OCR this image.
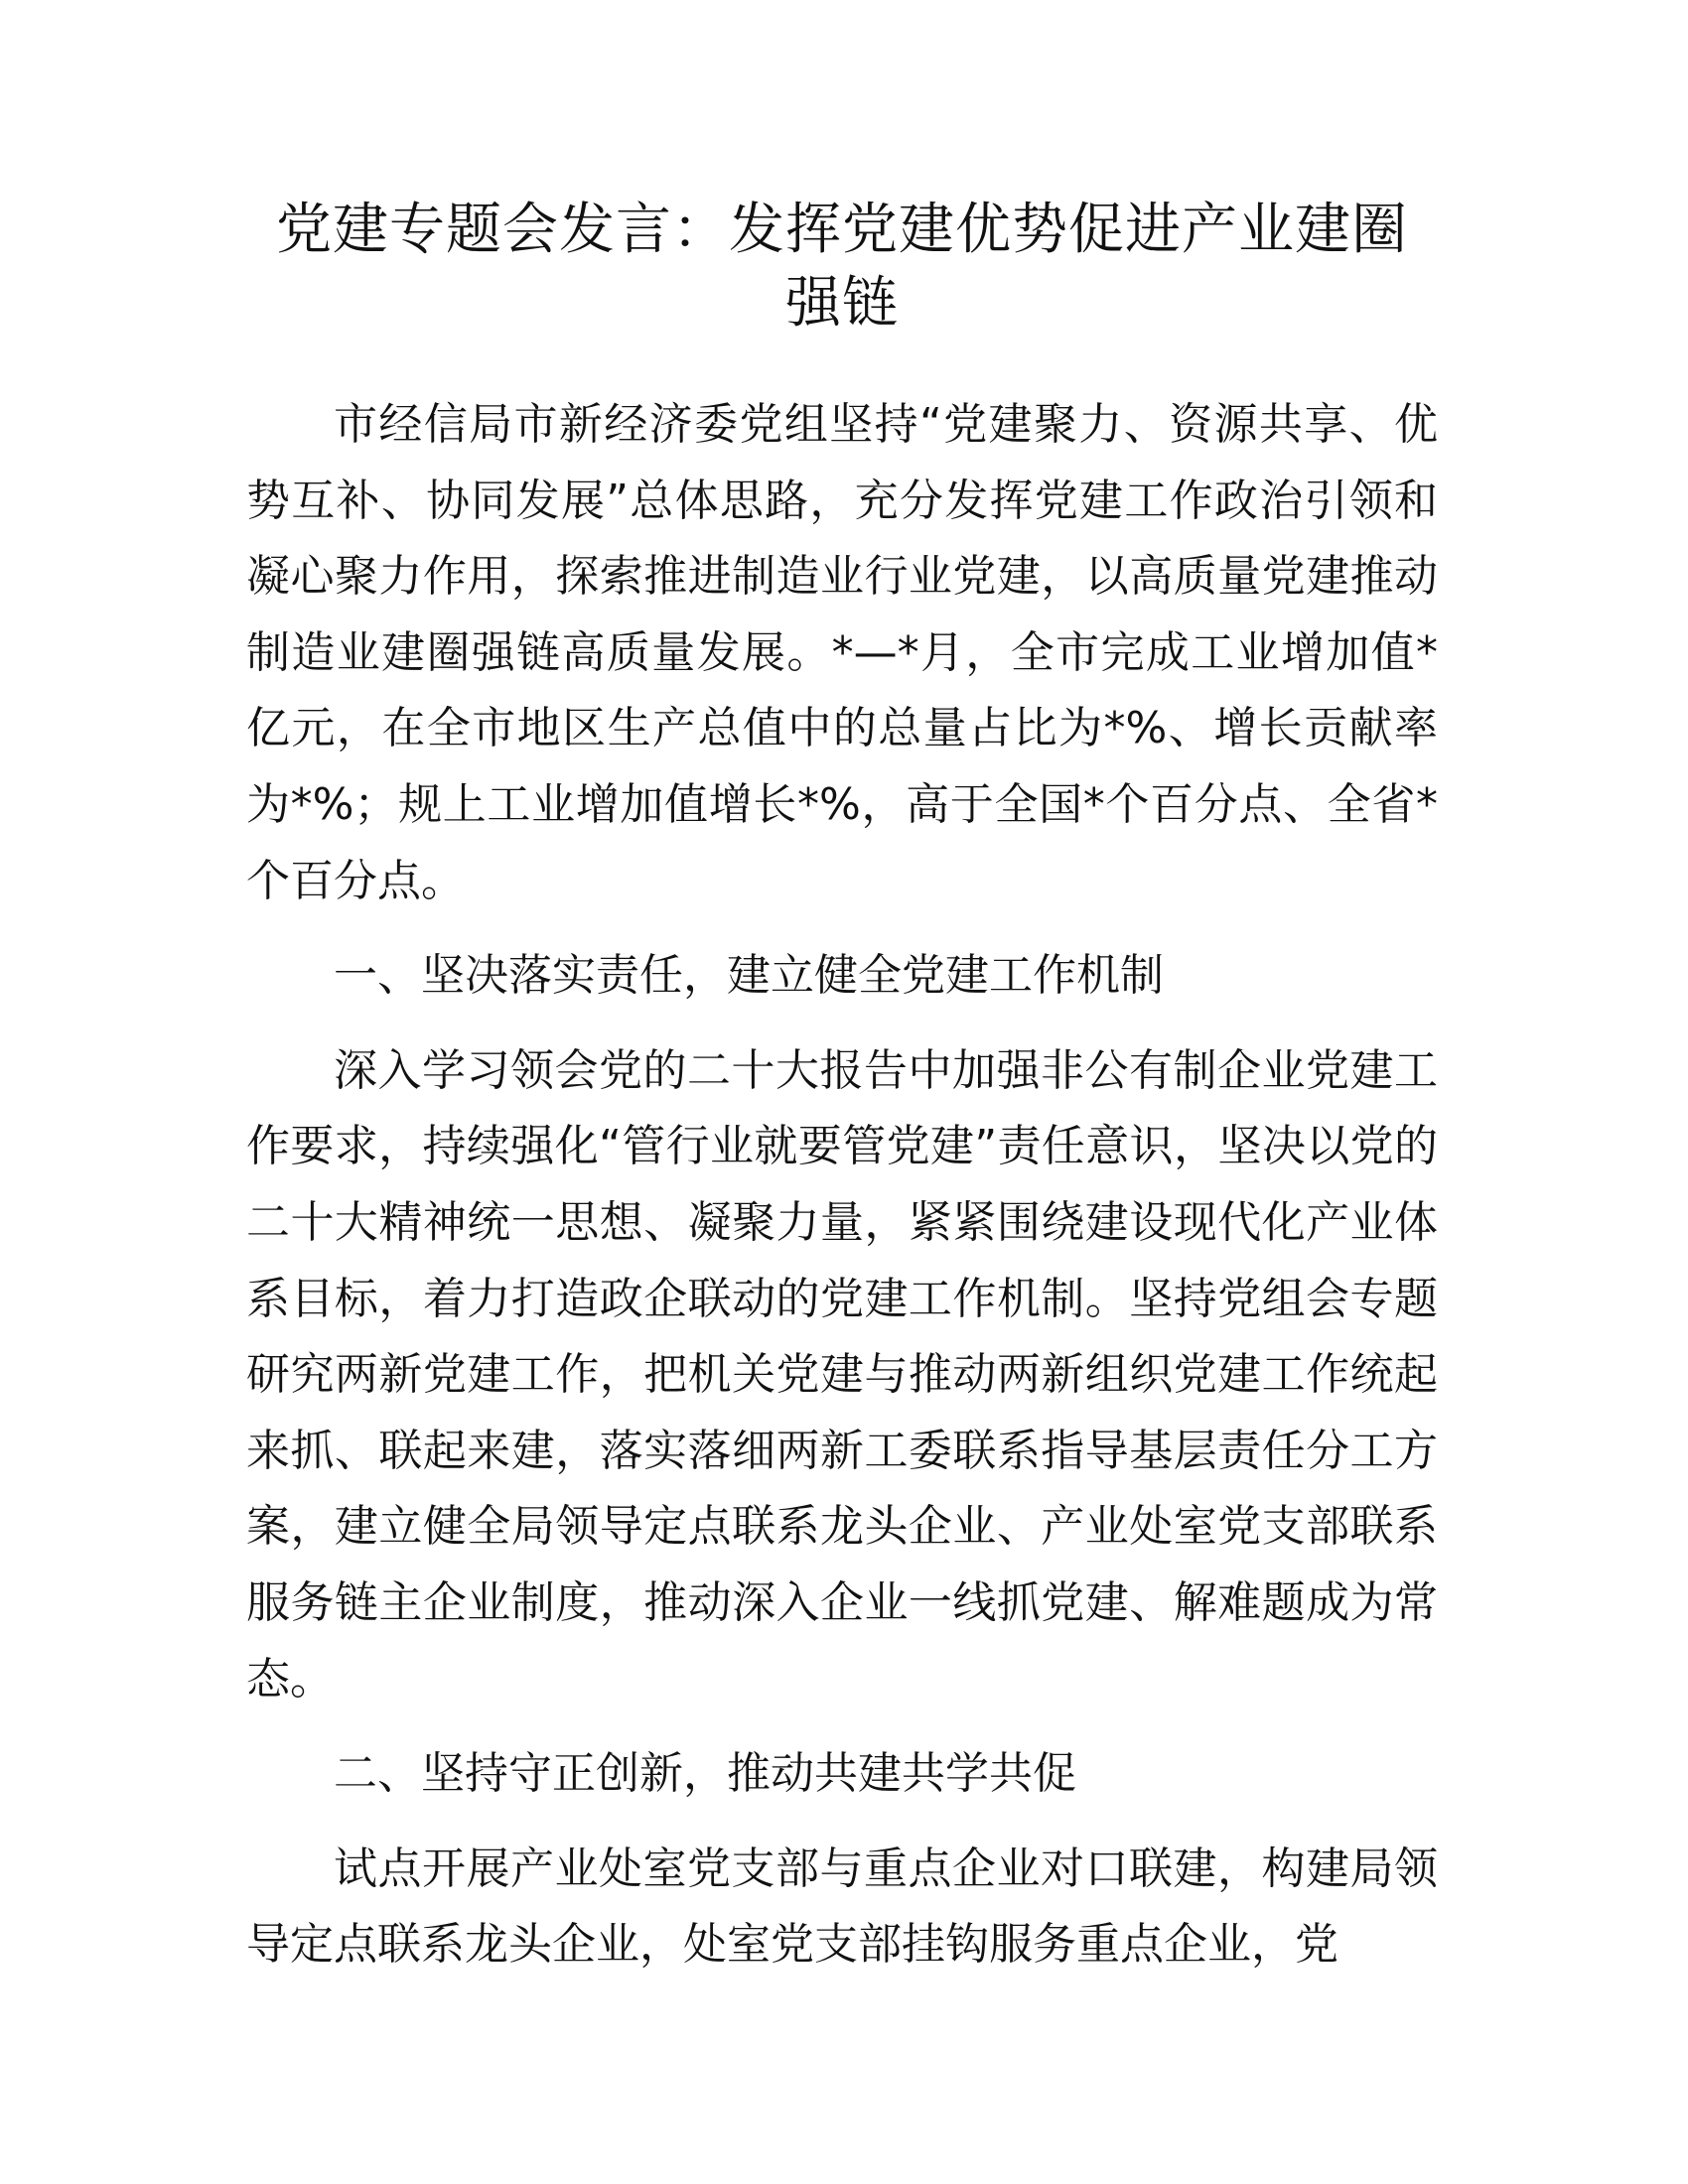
党建专题会发言：发挥党建优势促进产业建圈
强链

市经信局市新经济委党组坚持“党建聚力、资源共享、优势互补、协同发展”总体思路，充分发挥党建工作政治引领和凝心聚力作用，探索推进制造业行业党建，以高质量党建推动制造业建圈强链高质量发展。*—*月，全市完成工业增加值*亿元，在全市地区生产总值中的总量占比为*%、增长贡献率为*%；规上工业增加值增长*%，高于全国*个百分点、全省*个百分点。

一、坚决落实责任，建立健全党建工作机制

深入学习领会党的二十大报告中加强非公有制企业党建工作要求，持续强化“管行业就要管党建”责任意识，坚决以党的二十大精神统一思想、凝聚力量，紧紧围绕建设现代化产业体系目标，着力打造政企联动的党建工作机制。坚持党组会专题研究两新党建工作，把机关党建与推动两新组织党建工作统起来抓、联起来建，落实落细两新工委联系指导基层责任分工方案，建立健全局领导定点联系龙头企业、产业处室党支部联系服务链主企业制度，推动深入企业一线抓党建、解难题成为常态。

二、坚持守正创新，推动共建共学共促

试点开展产业处室党支部与重点企业对口联建，构建局领导定点联系龙头企业，处室党支部挂钩服务重点企业，党
